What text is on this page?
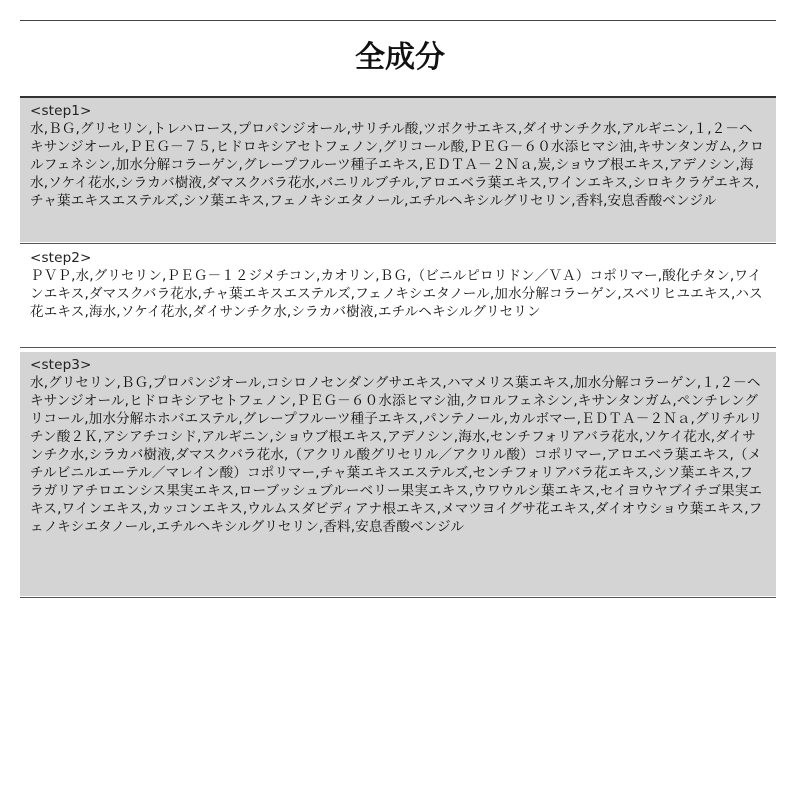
全成分
<step1>
水,ＢＧ,グリセリン,トレハロース,プロパンジオール,サリチル酸,ツボクサエキス,ダイサンチク水,アルギニン,１,２－ヘキサンジオール,ＰＥＧ－７５,ヒドロキシアセトフェノン,グリコール酸,ＰＥＧ－６０水添ヒマシ油,キサンタンガム,クロルフェネシン,加水分解コラーゲン,グレープフルーツ種子エキス,ＥＤＴＡ－２Ｎａ,炭,ショウブ根エキス,アデノシン,海水,ソケイ花水,シラカバ樹液,ダマスクバラ花水,バニリルブチル,アロエベラ葉エキス,ワインエキス,シロキクラゲエキス,チャ葉エキスエステルズ,シソ葉エキス,フェノキシエタノール,エチルヘキシルグリセリン,香料,安息香酸ベンジル
<step2>
ＰＶＰ,水,グリセリン,ＰＥＧ－１２ジメチコン,カオリン,ＢＧ,（ビニルピロリドン／ＶＡ）コポリマー,酸化チタン,ワインエキス,ダマスクバラ花水,チャ葉エキスエステルズ,フェノキシエタノール,加水分解コラーゲン,スベリヒユエキス,ハス花エキス,海水,ソケイ花水,ダイサンチク水,シラカバ樹液,エチルヘキシルグリセリン
<step3>
水,グリセリン,ＢＧ,プロパンジオール,コシロノセンダングサエキス,ハマメリス葉エキス,加水分解コラーゲン,１,２－ヘキサンジオール,ヒドロキシアセトフェノン,ＰＥＧ－６０水添ヒマシ油,クロルフェネシン,キサンタンガム,ペンチレングリコール,加水分解ホホバエステル,グレープフルーツ種子エキス,パンテノール,カルボマー,ＥＤＴＡ－２Ｎａ,グリチルリチン酸２Ｋ,アシアチコシド,アルギニン,ショウブ根エキス,アデノシン,海水,センチフォリアバラ花水,ソケイ花水,ダイサンチク水,シラカバ樹液,ダマスクバラ花水,（アクリル酸グリセリル／アクリル酸）コポリマー,アロエベラ葉エキス,（メチルビニルエーテル／マレイン酸）コポリマー,チャ葉エキスエステルズ,センチフォリアバラ花エキス,シソ葉エキス,フラガリアチロエンシス果実エキス,ローブッシュブルーベリー果実エキス,ウワウルシ葉エキス,セイヨウヤブイチゴ果実エキス,ワインエキス,カッコンエキス,ウルムスダビディアナ根エキス,メマツヨイグサ花エキス,ダイオウショウ葉エキス,フェノキシエタノール,エチルヘキシルグリセリン,香料,安息香酸ベンジル
